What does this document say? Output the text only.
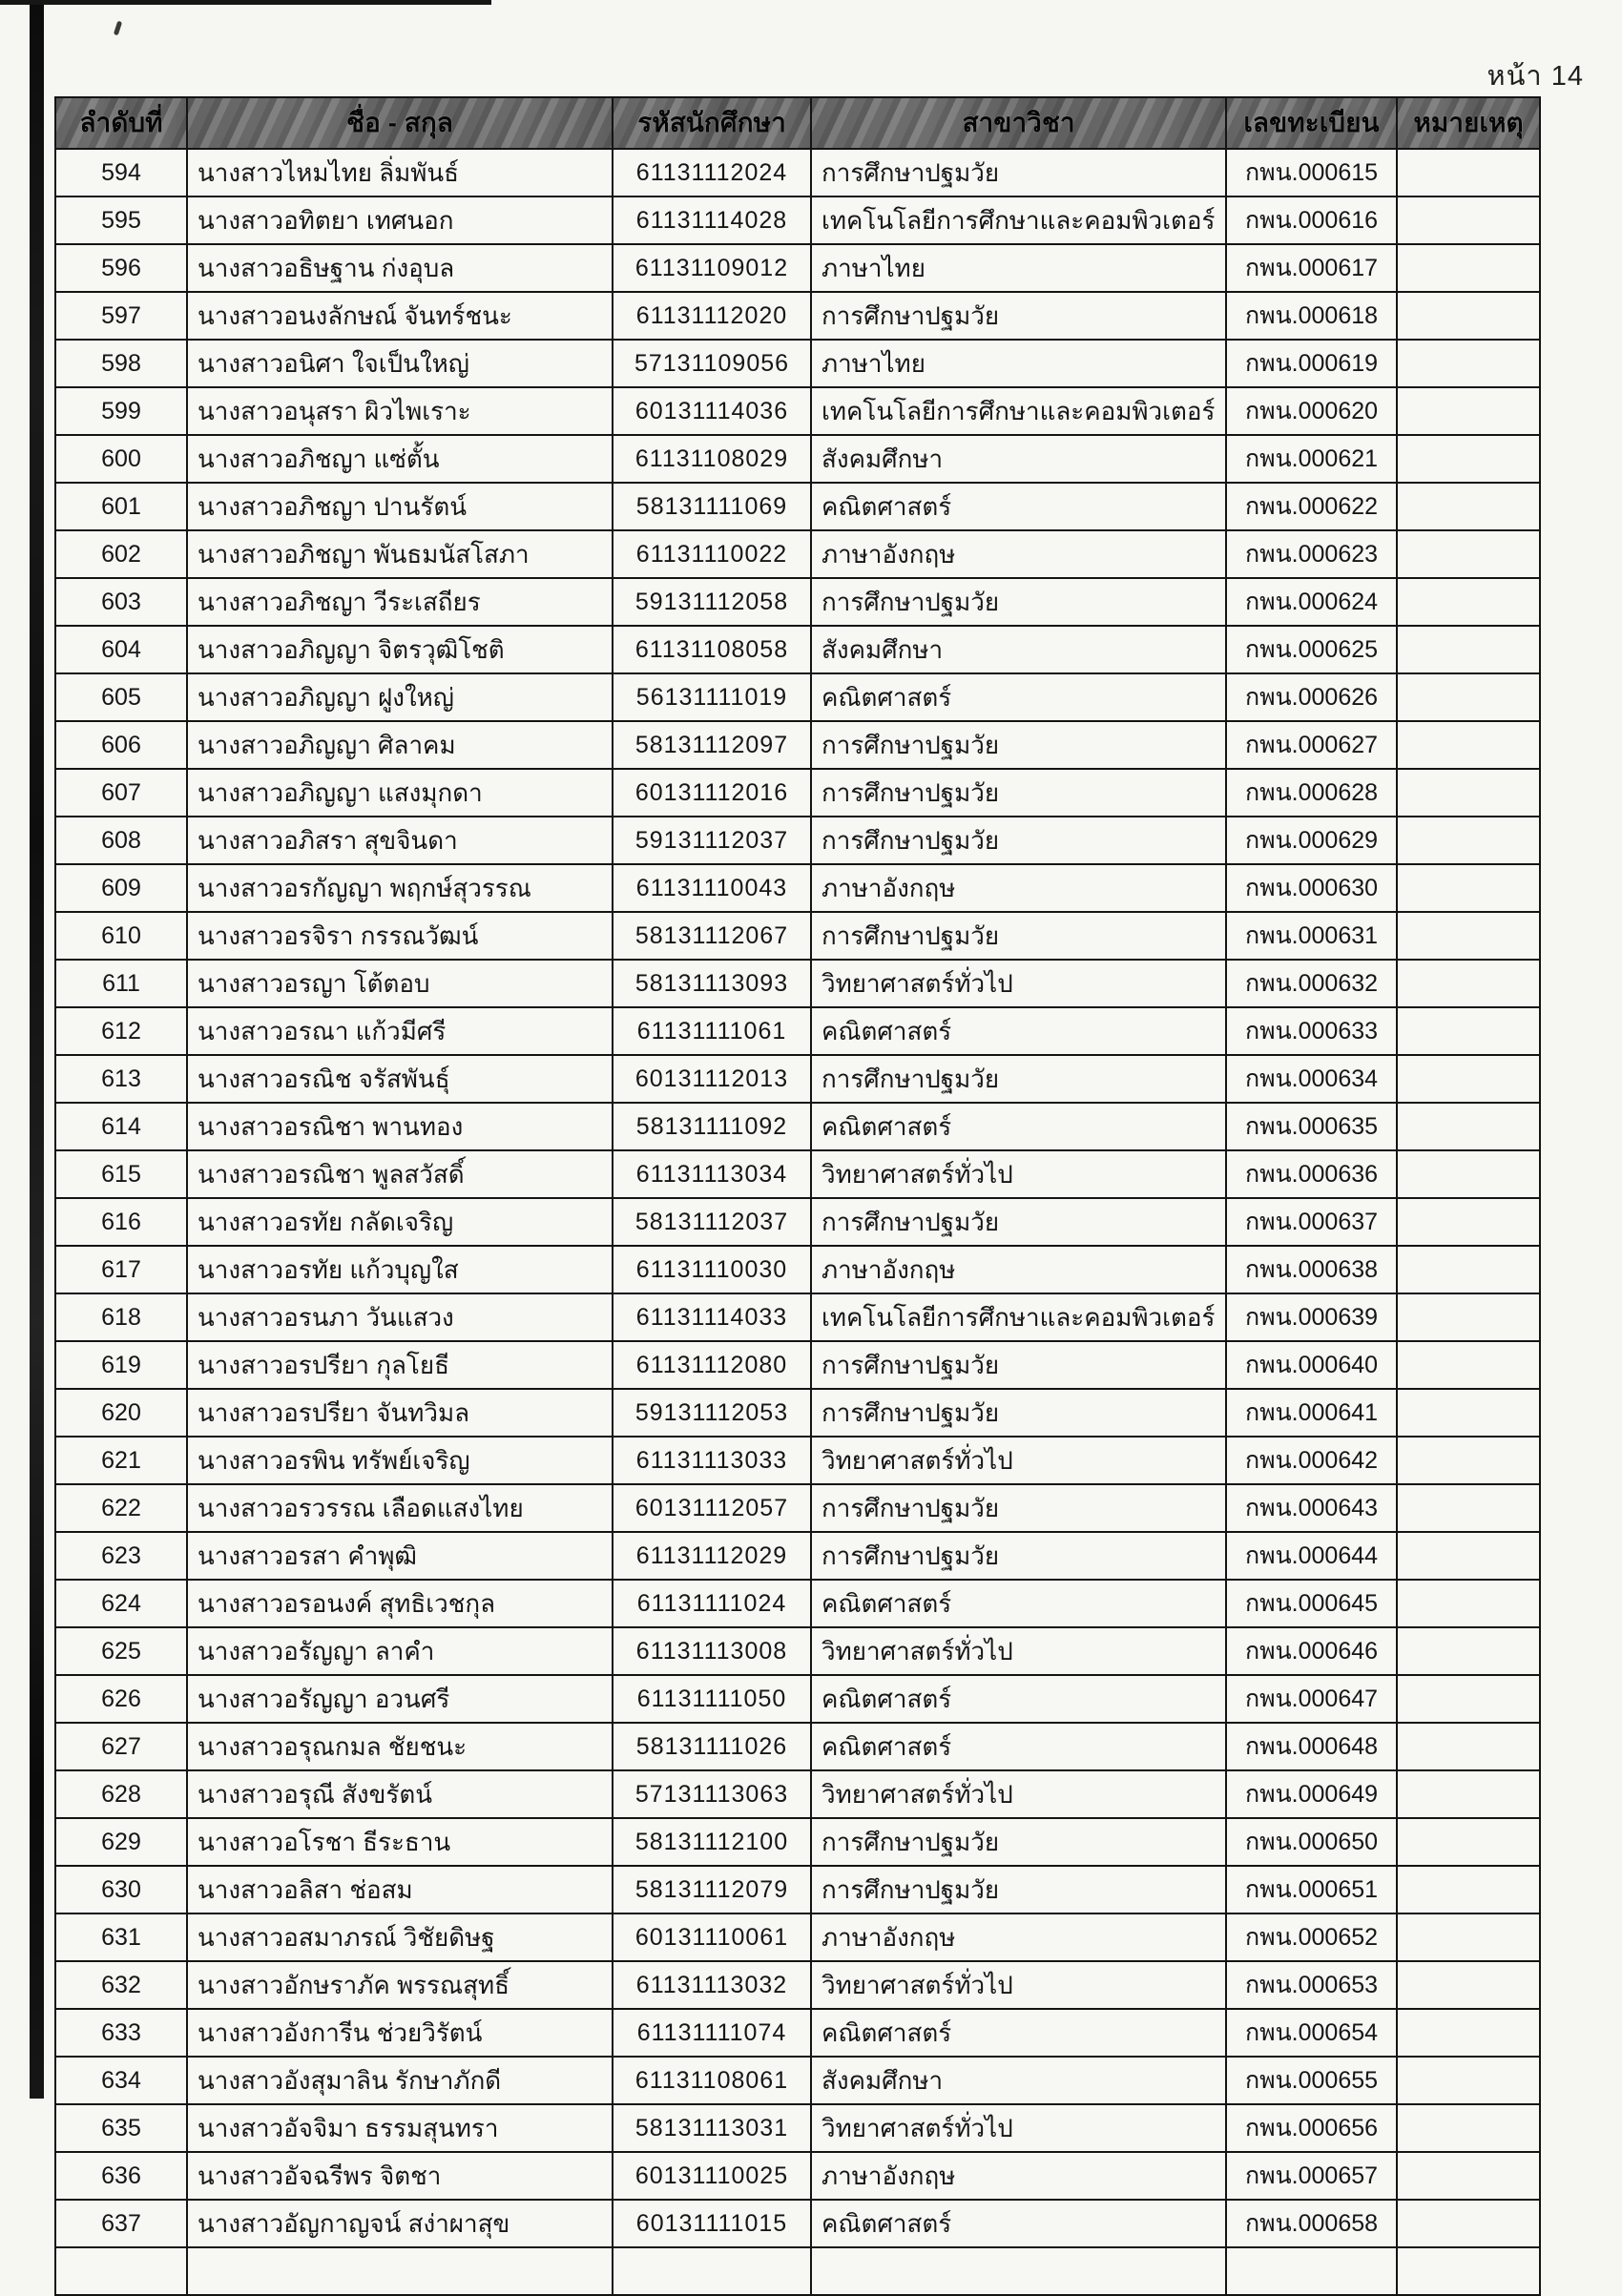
หน้า 14
ลำดับที่	ชื่อ - สกุล	รหัสนักศึกษา	สาขาวิชา	เลขทะเบียน	หมายเหตุ
594	นางสาวไหมไทย ลิ่มพันธ์	61131112024	การศึกษาปฐมวัย	กพน.000615	
595	นางสาวอทิตยา เทศนอก	61131114028	เทคโนโลยีการศึกษาและคอมพิวเตอร์	กพน.000616	
596	นางสาวอธิษฐาน ก่งอุบล	61131109012	ภาษาไทย	กพน.000617	
597	นางสาวอนงลักษณ์ จันทร์ชนะ	61131112020	การศึกษาปฐมวัย	กพน.000618	
598	นางสาวอนิศา ใจเป็นใหญ่	57131109056	ภาษาไทย	กพน.000619	
599	นางสาวอนุสรา ผิวไพเราะ	60131114036	เทคโนโลยีการศึกษาและคอมพิวเตอร์	กพน.000620	
600	นางสาวอภิชญา แซ่ตั้น	61131108029	สังคมศึกษา	กพน.000621	
601	นางสาวอภิชญา ปานรัตน์	58131111069	คณิตศาสตร์	กพน.000622	
602	นางสาวอภิชญา พันธมนัสโสภา	61131110022	ภาษาอังกฤษ	กพน.000623	
603	นางสาวอภิชญา วีระเสถียร	59131112058	การศึกษาปฐมวัย	กพน.000624	
604	นางสาวอภิญญา จิตรวุฒิโชติ	61131108058	สังคมศึกษา	กพน.000625	
605	นางสาวอภิญญา ฝูงใหญ่	56131111019	คณิตศาสตร์	กพน.000626	
606	นางสาวอภิญญา ศิลาคม	58131112097	การศึกษาปฐมวัย	กพน.000627	
607	นางสาวอภิญญา แสงมุกดา	60131112016	การศึกษาปฐมวัย	กพน.000628	
608	นางสาวอภิสรา สุขจินดา	59131112037	การศึกษาปฐมวัย	กพน.000629	
609	นางสาวอรกัญญา พฤกษ์สุวรรณ	61131110043	ภาษาอังกฤษ	กพน.000630	
610	นางสาวอรจิรา กรรณวัฒน์	58131112067	การศึกษาปฐมวัย	กพน.000631	
611	นางสาวอรญา โต้ตอบ	58131113093	วิทยาศาสตร์ทั่วไป	กพน.000632	
612	นางสาวอรณา แก้วมีศรี	61131111061	คณิตศาสตร์	กพน.000633	
613	นางสาวอรณิช จรัสพันธุ์	60131112013	การศึกษาปฐมวัย	กพน.000634	
614	นางสาวอรณิชา พานทอง	58131111092	คณิตศาสตร์	กพน.000635	
615	นางสาวอรณิชา พูลสวัสดิ์	61131113034	วิทยาศาสตร์ทั่วไป	กพน.000636	
616	นางสาวอรทัย กลัดเจริญ	58131112037	การศึกษาปฐมวัย	กพน.000637	
617	นางสาวอรทัย แก้วบุญใส	61131110030	ภาษาอังกฤษ	กพน.000638	
618	นางสาวอรนภา วันแสวง	61131114033	เทคโนโลยีการศึกษาและคอมพิวเตอร์	กพน.000639	
619	นางสาวอรปรียา กุลโยธี	61131112080	การศึกษาปฐมวัย	กพน.000640	
620	นางสาวอรปรียา จันทวิมล	59131112053	การศึกษาปฐมวัย	กพน.000641	
621	นางสาวอรพิน ทรัพย์เจริญ	61131113033	วิทยาศาสตร์ทั่วไป	กพน.000642	
622	นางสาวอรวรรณ เลือดแสงไทย	60131112057	การศึกษาปฐมวัย	กพน.000643	
623	นางสาวอรสา คำพุฒิ	61131112029	การศึกษาปฐมวัย	กพน.000644	
624	นางสาวอรอนงค์ สุทธิเวชกุล	61131111024	คณิตศาสตร์	กพน.000645	
625	นางสาวอรัญญา ลาคำ	61131113008	วิทยาศาสตร์ทั่วไป	กพน.000646	
626	นางสาวอรัญญา อวนศรี	61131111050	คณิตศาสตร์	กพน.000647	
627	นางสาวอรุณกมล ชัยชนะ	58131111026	คณิตศาสตร์	กพน.000648	
628	นางสาวอรุณี สังขรัตน์	57131113063	วิทยาศาสตร์ทั่วไป	กพน.000649	
629	นางสาวอโรชา ธีระธาน	58131112100	การศึกษาปฐมวัย	กพน.000650	
630	นางสาวอลิสา ช่อสม	58131112079	การศึกษาปฐมวัย	กพน.000651	
631	นางสาวอสมาภรณ์ วิชัยดิษฐ	60131110061	ภาษาอังกฤษ	กพน.000652	
632	นางสาวอักษราภัค พรรณสุทธิ์	61131113032	วิทยาศาสตร์ทั่วไป	กพน.000653	
633	นางสาวอังการีน ช่วยวิรัตน์	61131111074	คณิตศาสตร์	กพน.000654	
634	นางสาวอังสุมาลิน รักษาภักดี	61131108061	สังคมศึกษา	กพน.000655	
635	นางสาวอัจจิมา ธรรมสุนทรา	58131113031	วิทยาศาสตร์ทั่วไป	กพน.000656	
636	นางสาวอัจฉรีพร จิตชา	60131110025	ภาษาอังกฤษ	กพน.000657	
637	นางสาวอัญกาญจน์ สง่าผาสุข	60131111015	คณิตศาสตร์	กพน.000658	
